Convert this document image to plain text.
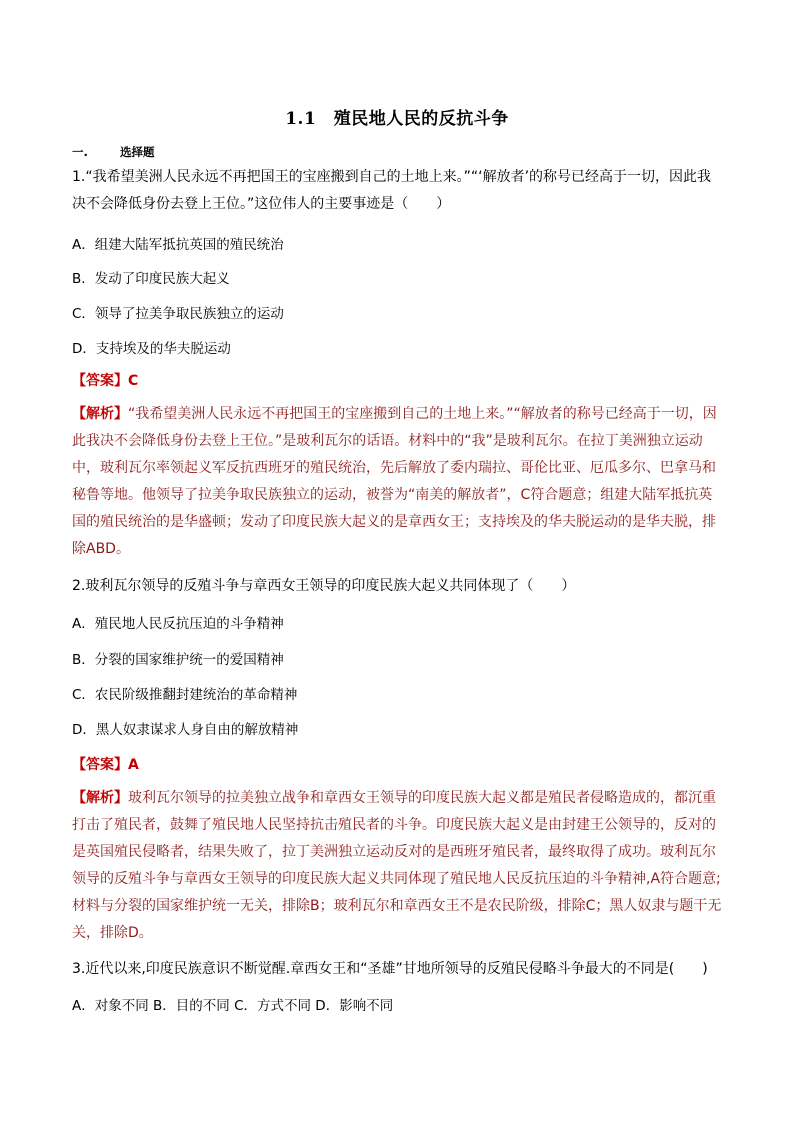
1.1　殖民地人民的反抗斗争
一.	选择题
1.“我希望美洲人民永远不再把国王的宝座搬到自己的土地上来。”“‘解放者’的称号已经高于一切，因此我决不会降低身份去登上王位。”这位伟人的主要事迹是（　　）
A．组建大陆军抵抗英国的殖民统治
B．发动了印度民族大起义
C．领导了拉美争取民族独立的运动
D．支持埃及的华夫脱运动
【答案】C
【解析】“我希望美洲人民永远不再把国王的宝座搬到自己的土地上来。”“解放者的称号已经高于一切，因此我决不会降低身份去登上王位。”是玻利瓦尔的话语。材料中的“我”是玻利瓦尔。在拉丁美洲独立运动中，玻利瓦尔率领起义军反抗西班牙的殖民统治，先后解放了委内瑞拉、哥伦比亚、厄瓜多尔、巴拿马和秘鲁等地。他领导了拉美争取民族独立的运动，被誉为“南美的解放者”，C符合题意；组建大陆军抵抗英国的殖民统治的是华盛顿；发动了印度民族大起义的是章西女王；支持埃及的华夫脱运动的是华夫脱，排除ABD。
2.玻利瓦尔领导的反殖斗争与章西女王领导的印度民族大起义共同体现了（　　）
A．殖民地人民反抗压迫的斗争精神
B．分裂的国家维护统一的爱国精神
C．农民阶级推翻封建统治的革命精神
D．黑人奴隶谋求人身自由的解放精神
【答案】A
【解析】玻利瓦尔领导的拉美独立战争和章西女王领导的印度民族大起义都是殖民者侵略造成的，都沉重打击了殖民者，鼓舞了殖民地人民坚持抗击殖民者的斗争。印度民族大起义是由封建王公领导的，反对的是英国殖民侵略者，结果失败了，拉丁美洲独立运动反对的是西班牙殖民者，最终取得了成功。玻利瓦尔领导的反殖斗争与章西女王领导的印度民族大起义共同体现了殖民地人民反抗压迫的斗争精神,A符合题意;材料与分裂的国家维护统一无关，排除B；玻利瓦尔和章西女王不是农民阶级，排除C；黑人奴隶与题干无关，排除D。
3.近代以来,印度民族意识不断觉醒.章西女王和“圣雄”甘地所领导的反殖民侵略斗争最大的不同是(　　)
A．对象不同 B．目的不同 C．方式不同 D．影响不同
